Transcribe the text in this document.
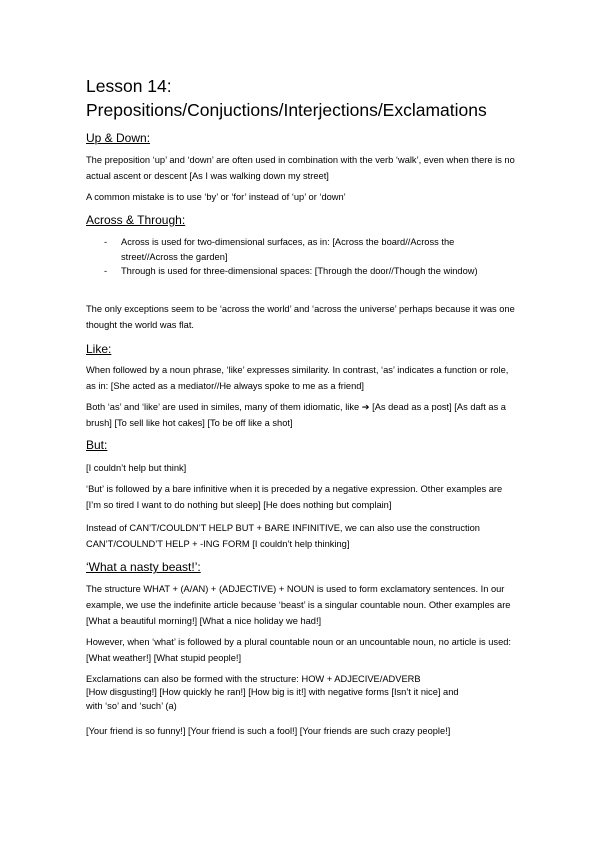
Lesson 14:
Prepositions/Conjuctions/Interjections/Exclamations
Up & Down:
The preposition ‘up’ and ‘down’ are often used in combination with the verb ‘walk’, even when there is no actual ascent or descent [As I was walking down my street]
A common mistake is to use ‘by’ or ‘for’ instead of ‘up’ or ‘down’
Across & Through:
- Across is used for two-dimensional surfaces, as in: [Across the board//Across the street//Across the garden]
- Through is used for three-dimensional spaces: [Through the door//Though the window)
The only exceptions seem to be ‘across the world’ and ‘across the universe’ perhaps because it was one thought the world was flat.
Like:
When followed by a noun phrase, ‘like’ expresses similarity. In contrast, ‘as’ indicates a function or role, as in: [She acted as a mediator//He always spoke to me as a friend]
Both ‘as’ and ‘like’ are used in similes, many of them idiomatic, like ➔ [As dead as a post] [As daft as a brush] [To sell like hot cakes] [To be off like a shot]
But:
[I couldn’t help but think]
‘But’ is followed by a bare infinitive when it is preceded by a negative expression. Other examples are [I’m so tired I want to do nothing but sleep] [He does nothing but complain]
Instead of CAN’T/COULDN’T HELP BUT + BARE INFINITIVE, we can also use the construction CAN’T/COULND’T HELP + -ING FORM [I couldn’t help thinking]
‘What a nasty beast!’:
The structure WHAT + (A/AN) + (ADJECTIVE) + NOUN is used to form exclamatory sentences. In our example, we use the indefinite article because ‘beast’ is a singular countable noun. Other examples are [What a beautiful morning!] [What a nice holiday we had!]
However, when ‘what’ is followed by a plural countable noun or an uncountable noun, no article is used: [What weather!] [What stupid people!]
Exclamations can also be formed with the structure: HOW + ADJECIVE/ADVERB
[How disgusting!] [How quickly he ran!] [How big is it!] with negative forms [Isn’t it nice] and
with ‘so’ and ‘such’ (a)
[Your friend is so funny!] [Your friend is such a fool!] [Your friends are such crazy people!]
